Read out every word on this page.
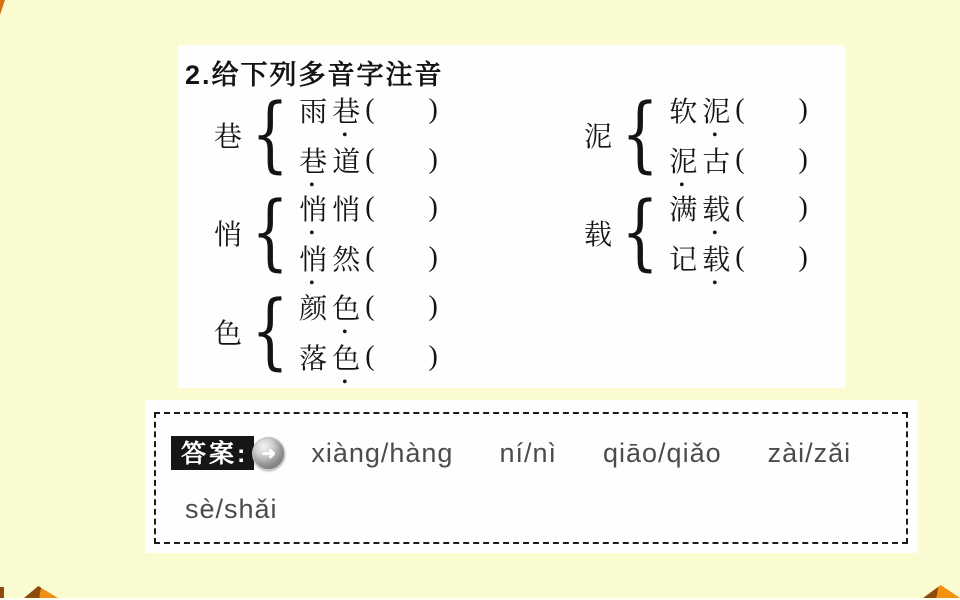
2.给下列多音字注音
巷 { 雨 巷 ( )
巷 道 ( )
泥 { 软 泥 ( )
泥 古 ( )
悄 { 悄 悄 ( )
悄 然 ( )
载 { 满 载 ( )
记 载 ( )
色 { 颜 色 ( )
落 色 ( )
答案: ➜ xiàng/hàng ní/nì qiāo/qiǎo zài/zǎi
sè/shǎi
